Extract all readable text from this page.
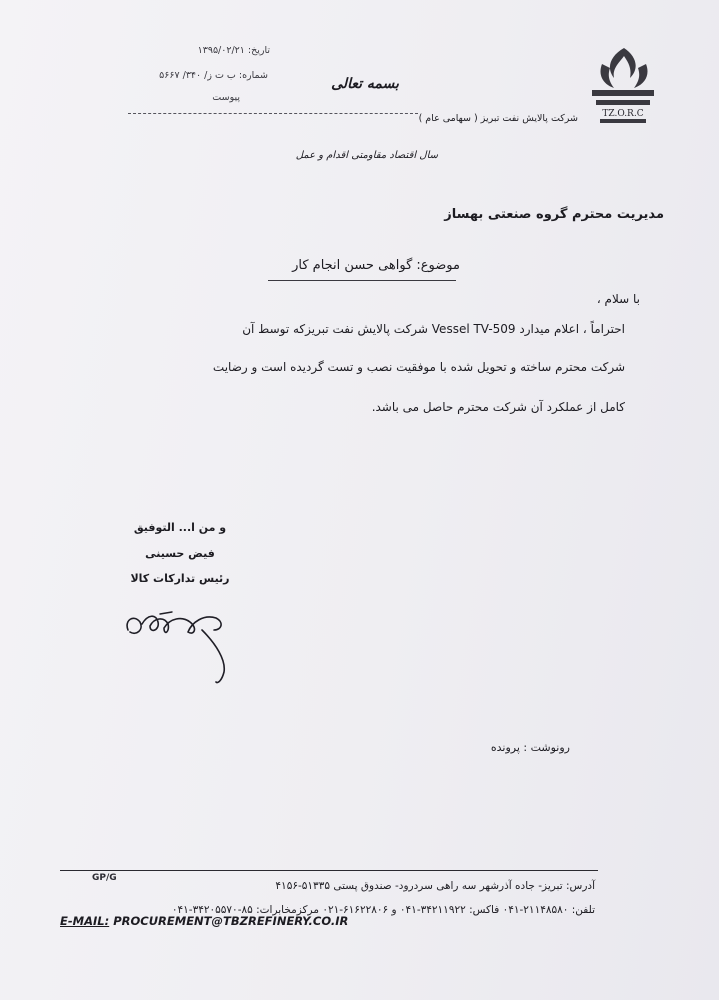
TZ.O.R.C
تاریخ: ۱۳۹۵/۰۲/۲۱
شماره: ب ت ز/ ۳۴۰/ ۵۶۶۷
پیوست
بسمه تعالی
شرکت پالایش نفت تبریز ( سهامی عام )
سال اقتصاد مقاومتی اقدام و عمل
مدیریت محترم گروه صنعتی بهساز
موضوع: گواهی حسن انجام کار
با سلام ،
احتراماً ، اعلام میدارد Vessel TV-509 شرکت پالایش نفت تبریزکه توسط آن
شرکت محترم ساخته و تحویل شده با موفقیت نصب و تست گردیده است و رضایت
کامل از عملکرد آن شرکت محترم حاصل می باشد.
و من ا... التوفیق
فیض حسینی
رئیس تدارکات کالا
رونوشت : پرونده
GP/G
آدرس: تبریز- جاده آذرشهر سه راهی سردرود- صندوق پستی ۵۱۳۳۵-۴۱۵۶
تلفن: ۲۱۱۴۸۵۸۰-۰۴۱ فاکس: ۳۴۲۱۱۹۲۲-۰۴۱ و ۶۱۶۲۲۸۰۶-۰۲۱ مرکزمخابرات: ۸۵-۳۴۲۰۵۵۷۰-۰۴۱
E-MAIL: PROCUREMENT@TBZREFINERY.CO.IR
